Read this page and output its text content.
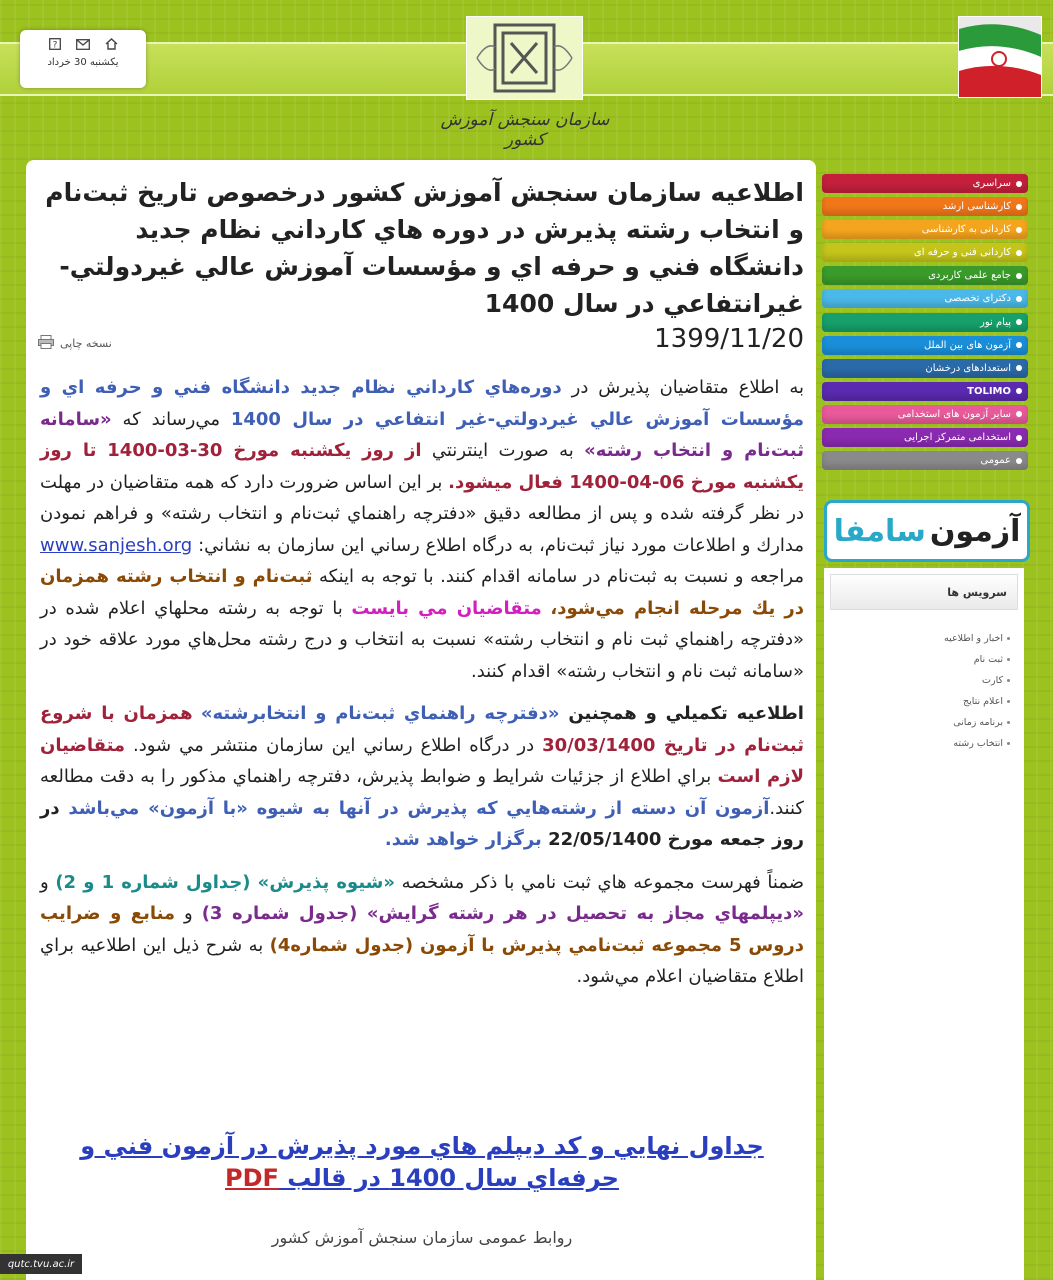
?
یکشنبه 30 خرداد
سازمان سنجش آموزش کشور
اطلاعيه سازمان سنجش آموزش کشور درخصوص تاريخ ثبت‌نام و انتخاب رشته پذيرش در دوره هاي كارداني نظام جديد دانشگاه فني و حرفه اي و مؤسسات آموزش عالي غيردولتي-غيرانتفاعي در سال 1400
1399/11/20
نسخه چاپی

به اطلاع متقاضيان پذيرش در دوره‌هاي كارداني نظام جديد دانشگاه فني و حرفه اي و مؤسسات آموزش عالي غيردولتي-غير انتفاعي در سال 1400 مي‌رساند كه «سامانه ثبت‌نام و انتخاب رشته» به صورت اينترنتي از روز يكشنبه مورخ 30-03-1400 تا روز يكشنبه مورخ 06-04-1400 فعال ميشود. بر اين اساس ضرورت دارد كه همه متقاضيان در مهلت در نظر گرفته شده و پس از مطالعه دقيق «دفترچه راهنماي ثبت‌نام و انتخاب رشته» و فراهم نمودن مدارك و اطلاعات مورد نياز ثبت‌نام، به درگاه اطلاع رساني اين سازمان به نشاني: www.sanjesh.org مراجعه و نسبت به ثبت‌نام در سامانه اقدام كنند. با توجه به اينكه ثبت‌نام و انتخاب رشته همزمان در يك مرحله انجام مي‌شود، متقاضيان مي بايست با توجه به رشته محلهاي اعلام شده در «دفترچه راهنماي ثبت نام و انتخاب رشته» نسبت به انتخاب و درج رشته محل‌هاي مورد علاقه خود در «سامانه ثبت نام و انتخاب رشته» اقدام كنند.

اطلاعيه تكميلي و همچنين «دفترچه راهنماي ثبت‌نام و انتخابرشته» همزمان با شروع ثبت‌نام در تاريخ 30/03/1400 در درگاه اطلاع رساني اين سازمان منتشر مي شود. متقاضيان لازم است براي اطلاع از جزئيات شرايط و ضوابط پذيرش، دفترچه راهنماي مذكور را به دقت مطالعه كنند.آزمون آن دسته از رشته‌هايي كه پذيرش در آنها به شيوه «با آزمون» مي‌باشد در روز جمعه مورخ 22/05/1400 برگزار خواهد شد.

ضمناً فهرست مجموعه هاي ثبت نامي با ذكر مشخصه «شيوه پذيرش» (جداول شماره 1 و 2) و «ديپلمهاي مجاز به تحصيل در هر رشته گرايش» (جدول شماره 3) و منابع و ضرايب دروس 5 مجموعه ثبت‌نامي پذيرش با آزمون (جدول شماره4) به شرح ذيل اين اطلاعيه براي اطلاع متقاضيان اعلام مي‌شود.

جداول نهايي و كد ديپلم هاي مورد پذيرش در آزمون فني و حرفه‌اي سال 1400 در قالب PDF
روابط عمومی سازمان سنجش آموزش کشور
سراسری
کارشناسی ارشد
کاردانی به کارشناسی
کاردانی فنی و حرفه ای
جامع علمی کاربردی
دکترای تخصصی
پیام نور
آزمون های بین الملل
استعدادهای درخشان
TOLIMO
سایر آزمون های استخدامی
استخدامی متمرکز اجرایی
عمومی
آزمون
سامفا
سرویس ها
اخبار و اطلاعیه
ثبت نام
کارت
اعلام نتایج
برنامه زمانی
انتخاب رشته
qutc.tvu.ac.ir
